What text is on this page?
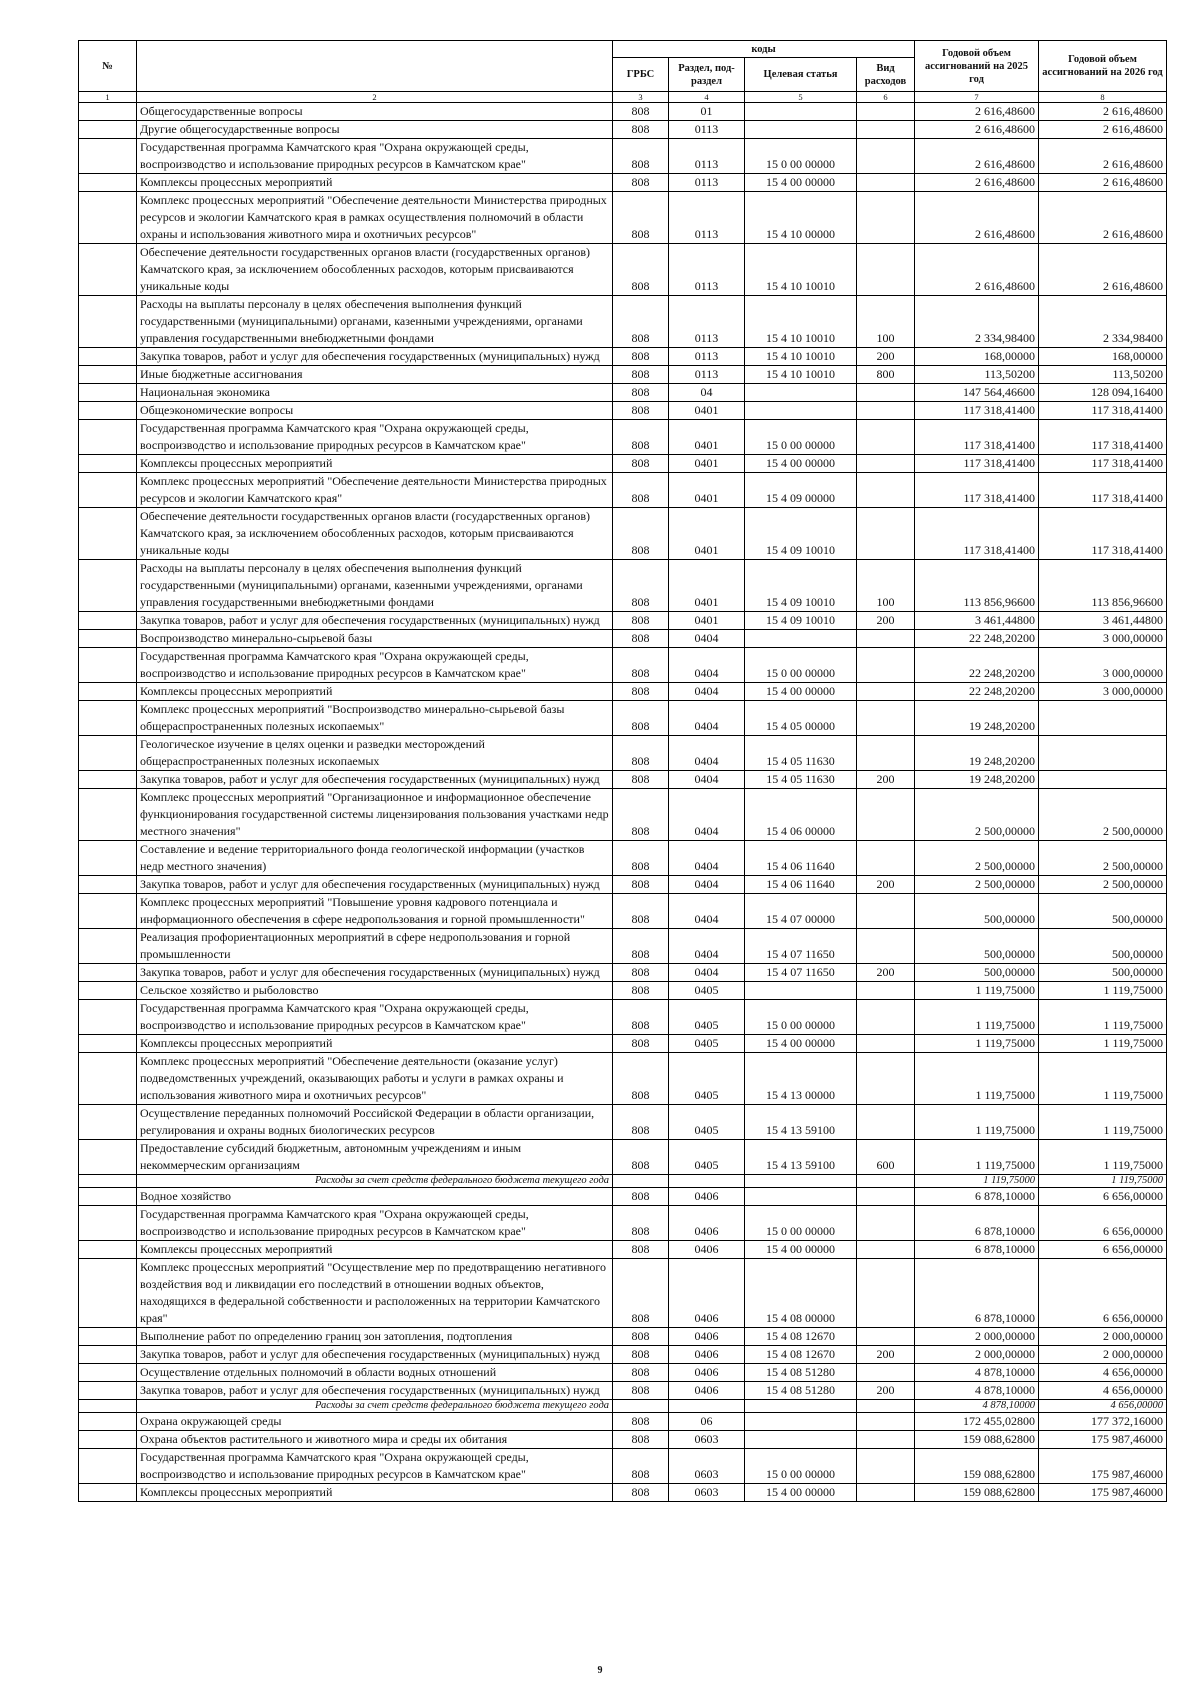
№		коды				Годовой объем ассигнований на 2025 год	Годовой объем ассигнований на 2026 год
		ГРБС	Раздел, под-раздел	Целевая статья	Вид расходов		
1	2	3	4	5	6	7	8
	Общегосударственные вопросы	808	01			2 616,48600	2 616,48600
	Другие общегосударственные вопросы	808	0113			2 616,48600	2 616,48600
	Государственная программа Камчатского края "Охрана окружающей среды, воспроизводство и использование природных ресурсов в Камчатском крае"	808	0113	15 0 00 00000		2 616,48600	2 616,48600
	Комплексы процессных мероприятий	808	0113	15 4 00 00000		2 616,48600	2 616,48600
	Комплекс процессных мероприятий "Обеспечение деятельности Министерства природных ресурсов и экологии Камчатского края в рамках осуществления полномочий в области охраны и использования животного мира и охотничьих ресурсов"	808	0113	15 4 10 00000		2 616,48600	2 616,48600
	Обеспечение деятельности государственных органов власти (государственных органов) Камчатского края, за исключением обособленных расходов, которым присваиваются уникальные коды	808	0113	15 4 10 10010		2 616,48600	2 616,48600
	Расходы на выплаты персоналу в целях обеспечения выполнения функций государственными (муниципальными) органами, казенными учреждениями, органами управления государственными внебюджетными фондами	808	0113	15 4 10 10010	100	2 334,98400	2 334,98400
	Закупка товаров, работ и услуг для обеспечения государственных (муниципальных) нужд	808	0113	15 4 10 10010	200	168,00000	168,00000
	Иные бюджетные ассигнования	808	0113	15 4 10 10010	800	113,50200	113,50200
	Национальная экономика	808	04			147 564,46600	128 094,16400
	Общеэкономические вопросы	808	0401			117 318,41400	117 318,41400
	Государственная программа Камчатского края "Охрана окружающей среды, воспроизводство и использование природных ресурсов в Камчатском крае"	808	0401	15 0 00 00000		117 318,41400	117 318,41400
	Комплексы процессных мероприятий	808	0401	15 4 00 00000		117 318,41400	117 318,41400
	Комплекс процессных мероприятий "Обеспечение деятельности Министерства природных ресурсов и экологии Камчатского края"	808	0401	15 4 09 00000		117 318,41400	117 318,41400
	Обеспечение деятельности государственных органов власти (государственных органов) Камчатского края, за исключением обособленных расходов, которым присваиваются уникальные коды	808	0401	15 4 09 10010		117 318,41400	117 318,41400
	Расходы на выплаты персоналу в целях обеспечения выполнения функций государственными (муниципальными) органами, казенными учреждениями, органами управления государственными внебюджетными фондами	808	0401	15 4 09 10010	100	113 856,96600	113 856,96600
	Закупка товаров, работ и услуг для обеспечения государственных (муниципальных) нужд	808	0401	15 4 09 10010	200	3 461,44800	3 461,44800
	Воспроизводство минерально-сырьевой базы	808	0404			22 248,20200	3 000,00000
	Государственная программа Камчатского края "Охрана окружающей среды, воспроизводство и использование природных ресурсов в Камчатском крае"	808	0404	15 0 00 00000		22 248,20200	3 000,00000
	Комплексы процессных мероприятий	808	0404	15 4 00 00000		22 248,20200	3 000,00000
	Комплекс процессных мероприятий "Воспроизводство минерально-сырьевой базы общераспространенных полезных ископаемых"	808	0404	15 4 05 00000		19 248,20200	
	Геологическое изучение в целях оценки и разведки месторождений общераспространенных полезных ископаемых	808	0404	15 4 05 11630		19 248,20200	
	Закупка товаров, работ и услуг для обеспечения государственных (муниципальных) нужд	808	0404	15 4 05 11630	200	19 248,20200	
	Комплекс процессных мероприятий "Организационное и информационное обеспечение функционирования государственной системы лицензирования пользования участками недр местного значения"	808	0404	15 4 06 00000		2 500,00000	2 500,00000
	Составление и ведение территориального фонда геологической информации (участков недр местного значения)	808	0404	15 4 06 11640		2 500,00000	2 500,00000
	Закупка товаров, работ и услуг для обеспечения государственных (муниципальных) нужд	808	0404	15 4 06 11640	200	2 500,00000	2 500,00000
	Комплекс процессных мероприятий "Повышение уровня кадрового потенциала и информационного обеспечения в сфере недропользования и горной промышленности"	808	0404	15 4 07 00000		500,00000	500,00000
	Реализация профориентационных мероприятий в сфере недропользования и горной промышленности	808	0404	15 4 07 11650		500,00000	500,00000
	Закупка товаров, работ и услуг для обеспечения государственных (муниципальных) нужд	808	0404	15 4 07 11650	200	500,00000	500,00000
	Сельское хозяйство и рыболовство	808	0405			1 119,75000	1 119,75000
	Государственная программа Камчатского края "Охрана окружающей среды, воспроизводство и использование природных ресурсов в Камчатском крае"	808	0405	15 0 00 00000		1 119,75000	1 119,75000
	Комплексы процессных мероприятий	808	0405	15 4 00 00000		1 119,75000	1 119,75000
	Комплекс процессных мероприятий "Обеспечение деятельности (оказание услуг) подведомственных учреждений, оказывающих работы и услуги в рамках охраны и использования животного мира и охотничьих ресурсов"	808	0405	15 4 13 00000		1 119,75000	1 119,75000
	Осуществление переданных полномочий Российской Федерации в области организации, регулирования и охраны водных биологических ресурсов	808	0405	15 4 13 59100		1 119,75000	1 119,75000
	Предоставление субсидий бюджетным, автономным учреждениям и иным некоммерческим организациям	808	0405	15 4 13 59100	600	1 119,75000	1 119,75000
	Расходы за счет средств федерального бюджета текущего года					1 119,75000	1 119,75000
	Водное хозяйство	808	0406			6 878,10000	6 656,00000
	Государственная программа Камчатского края "Охрана окружающей среды, воспроизводство и использование природных ресурсов в Камчатском крае"	808	0406	15 0 00 00000		6 878,10000	6 656,00000
	Комплексы процессных мероприятий	808	0406	15 4 00 00000		6 878,10000	6 656,00000
	Комплекс процессных мероприятий "Осуществление мер по предотвращению негативного воздействия вод и ликвидации его последствий в отношении водных объектов, находящихся в федеральной собственности и расположенных на территории Камчатского края"	808	0406	15 4 08 00000		6 878,10000	6 656,00000
	Выполнение работ по определению границ зон затопления, подтопления	808	0406	15 4 08 12670		2 000,00000	2 000,00000
	Закупка товаров, работ и услуг для обеспечения государственных (муниципальных) нужд	808	0406	15 4 08 12670	200	2 000,00000	2 000,00000
	Осуществление отдельных полномочий в области водных отношений	808	0406	15 4 08 51280		4 878,10000	4 656,00000
	Закупка товаров, работ и услуг для обеспечения государственных (муниципальных) нужд	808	0406	15 4 08 51280	200	4 878,10000	4 656,00000
	Расходы за счет средств федерального бюджета текущего года					4 878,10000	4 656,00000
	Охрана окружающей среды	808	06			172 455,02800	177 372,16000
	Охрана объектов растительного и животного мира и среды их обитания	808	0603			159 088,62800	175 987,46000
	Государственная программа Камчатского края "Охрана окружающей среды, воспроизводство и использование природных ресурсов в Камчатском крае"	808	0603	15 0 00 00000		159 088,62800	175 987,46000
	Комплексы процессных мероприятий	808	0603	15 4 00 00000		159 088,62800	175 987,46000
9
